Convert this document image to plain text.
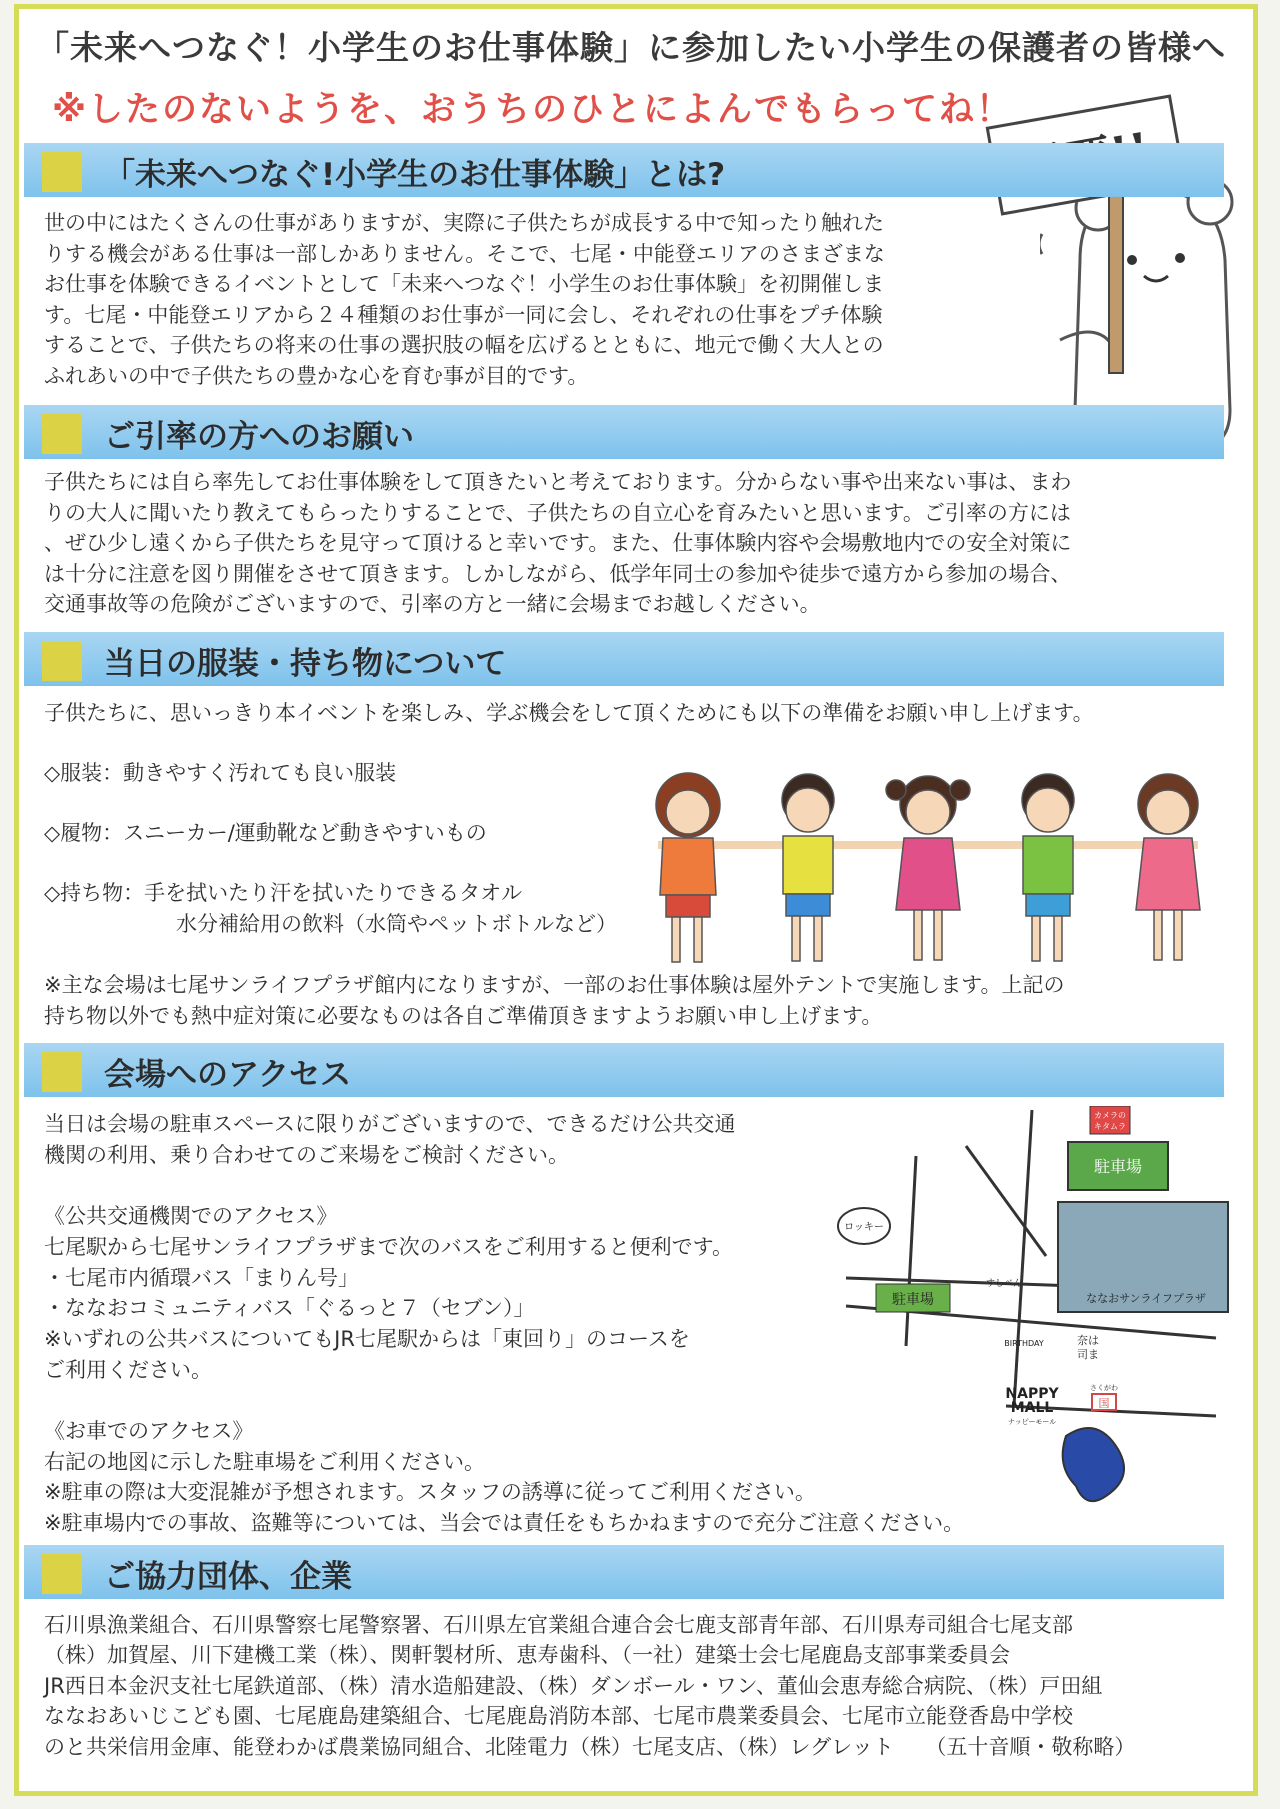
「未来へつなぐ！小学生のお仕事体験」に参加したい小学生の保護者の皆様へ
※したのないようを、おうちのひとによんでもらってね！
「未来へつなぐ!小学生のお仕事体験」とは?

世の中にはたくさんの仕事がありますが、実際に子供たちが成長する中で知ったり触れた
りする機会がある仕事は一部しかありません。そこで、七尾・中能登エリアのさまざまな
お仕事を体験できるイベントとして「未来へつなぐ！小学生のお仕事体験」を初開催しま
す。七尾・中能登エリアから２４種類のお仕事が一同に会し、それぞれの仕事をプチ体験
することで、子供たちの将来の仕事の選択肢の幅を広げるとともに、地元で働く大人との
ふれあいの中で子供たちの豊かな心を育む事が目的です。

ご引率の方へのお願い

子供たちには自ら率先してお仕事体験をして頂きたいと考えております。分からない事や出来ない事は、まわ
りの大人に聞いたり教えてもらったりすることで、子供たちの自立心を育みたいと思います。ご引率の方には
、ぜひ少し遠くから子供たちを見守って頂けると幸いです。また、仕事体験内容や会場敷地内での安全対策に
は十分に注意を図り開催をさせて頂きます。しかしながら、低学年同士の参加や徒歩で遠方から参加の場合、
交通事故等の危険がございますので、引率の方と一緒に会場までお越しください。

当日の服装・持ち物について

子供たちに、思いっきり本イベントを楽しみ、学ぶ機会をして頂くためにも以下の準備をお願い申し上げます。

◇服装：動きやすく汚れても良い服装

◇履物：スニーカー/運動靴など動きやすいもの

◇持ち物：手を拭いたり汗を拭いたりできるタオル

水分補給用の飲料（水筒やペットボトルなど）

※主な会場は七尾サンライフプラザ館内になりますが、一部のお仕事体験は屋外テントで実施します。上記の
持ち物以外でも熱中症対策に必要なものは各自ご準備頂きますようお願い申し上げます。

会場へのアクセス

当日は会場の駐車スペースに限りがございますので、できるだけ公共交通
機関の利用、乗り合わせてのご来場をご検討ください。

《公共交通機関でのアクセス》
七尾駅から七尾サンライフプラザまで次のバスをご利用すると便利です。
・七尾市内循環バス「まりん号」
・ななおコミュニティバス「ぐるっと７（セブン）」
※いずれの公共バスについてもJR七尾駅からは「東回り」のコースを
ご利用ください。

《お車でのアクセス》
右記の地図に示した駐車場をご利用ください。
※駐車の際は大変混雑が予想されます。スタッフの誘導に従ってご利用ください。
※駐車場内での事故、盗難等については、当会では責任をもちかねますので充分ご注意ください。

駐車場
カメラの
キタムラ
ななおサンライフプラザ
駐車場
ロッキー
すしべん
BIRTHDAY	奈は
司ま
NAPPY
MALL
ナッピーモール
さくがわ
国
ご協力団体、企業

石川県漁業組合、石川県警察七尾警察署、石川県左官業組合連合会七鹿支部青年部、石川県寿司組合七尾支部
（株）加賀屋、川下建機工業（株）、関軒製材所、恵寿歯科、（一社）建築士会七尾鹿島支部事業委員会
JR西日本金沢支社七尾鉄道部、（株）清水造船建設、（株）ダンボール・ワン、董仙会恵寿総合病院、（株）戸田組
ななおあいじこども園、七尾鹿島建築組合、七尾鹿島消防本部、七尾市農業委員会、七尾市立能登香島中学校
のと共栄信用金庫、能登わかば農業協同組合、北陸電力（株）七尾支店、（株）レグレット　　（五十音順・敬称略）
